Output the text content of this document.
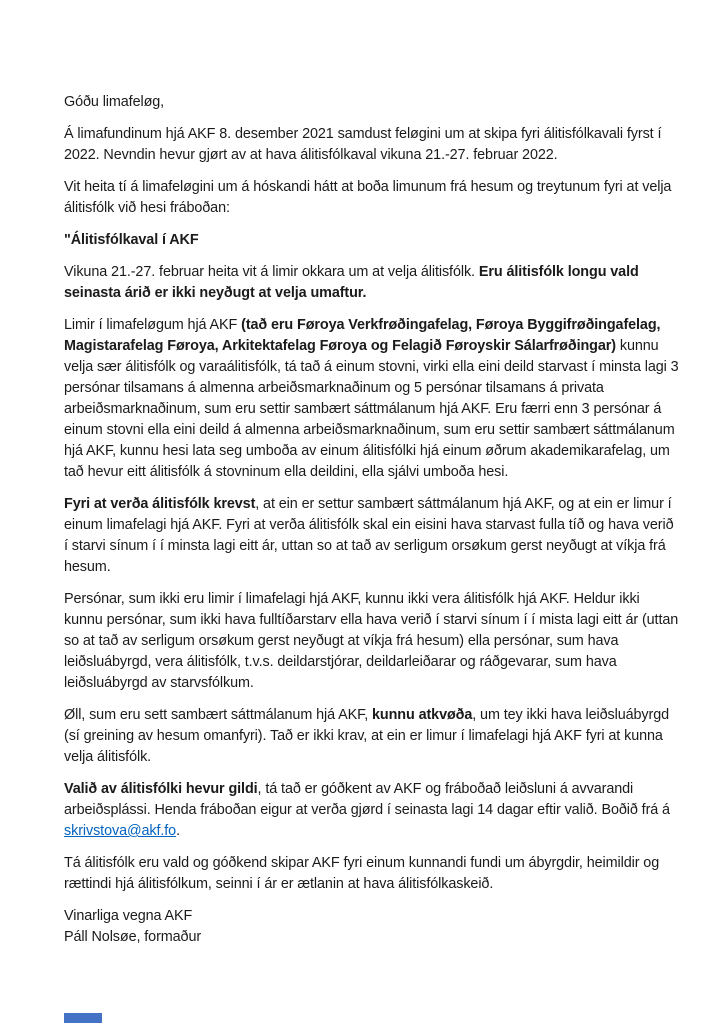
Góðu limafeløg,

Á limafundinum hjá AKF 8. desember 2021 samdust feløgini um at skipa fyri álitisfólkavali fyrst í 2022. Nevndin hevur gjørt av at hava álitisfólkaval vikuna 21.-27. februar 2022.

Vit heita tí á limafeløgini um á hóskandi hátt at boða limunum frá hesum og treytunum fyri at velja álitisfólk við hesi fráboðan:

"Álitisfólkaval í AKF

Vikuna 21.-27. februar heita vit á limir okkara um at velja álitisfólk. Eru álitisfólk longu vald seinasta árið er ikki neyðugt at velja umaftur.

Limir í limafeløgum hjá AKF (tað eru Føroya Verkfrøðingafelag, Føroya Byggifrøðingafelag, Magistarafelag Føroya, Arkitektafelag Føroya og Felagið Føroyskir Sálarfrøðingar) kunnu velja sær álitisfólk og varaálitisfólk, tá tað á einum stovni, virki ella eini deild starvast í minsta lagi 3 persónar tilsamans á almenna arbeiðsmarknaðinum og 5 persónar tilsamans á privata arbeiðsmarknaðinum, sum eru settir sambært sáttmálanum hjá AKF. Eru færri enn 3 persónar á einum stovni ella eini deild á almenna arbeiðsmarknaðinum, sum eru settir sambært sáttmálanum hjá AKF, kunnu hesi lata seg umboða av einum álitisfólki hjá einum øðrum akademikarafelag, um tað hevur eitt álitisfólk á stovninum ella deildini, ella sjálvi umboða hesi.

Fyri at verða álitisfólk krevst, at ein er settur sambært sáttmálanum hjá AKF, og at ein er limur í einum limafelagi hjá AKF. Fyri at verða álitisfólk skal ein eisini hava starvast fulla tíð og hava verið í starvi sínum í í minsta lagi eitt ár, uttan so at tað av serligum orsøkum gerst neyðugt at víkja frá hesum.

Persónar, sum ikki eru limir í limafelagi hjá AKF, kunnu ikki vera álitisfólk hjá AKF. Heldur ikki kunnu persónar, sum ikki hava fulltíðarstarv ella hava verið í starvi sínum í í mista lagi eitt ár (uttan so at tað av serligum orsøkum gerst neyðugt at víkja frá hesum) ella persónar, sum hava leiðsluábyrgd, vera álitisfólk, t.v.s. deildarstjórar, deildarleiðarar og ráðgevarar, sum hava leiðsluábyrgd av starvsfólkum.

Øll, sum eru sett sambært sáttmálanum hjá AKF, kunnu atkvøða, um tey ikki hava leiðsluábyrgd (sí greining av hesum omanfyri). Tað er ikki krav, at ein er limur í limafelagi hjá AKF fyri at kunna velja álitisfólk.

Valið av álitisfólki hevur gildi, tá tað er góðkent av AKF og fráboðað leiðsluni á avvarandi arbeiðsplássi. Henda fráboðan eigur at verða gjørd í seinasta lagi 14 dagar eftir valið. Boðið frá á skrivstova@akf.fo.

Tá álitisfólk eru vald og góðkend skipar AKF fyri einum kunnandi fundi um ábyrgdir, heimildir og rættindi hjá álitisfólkum, seinni í ár er ætlanin at hava álitisfólkaskeið.

Vinarliga vegna AKF
Páll Nolsøe, formaður
